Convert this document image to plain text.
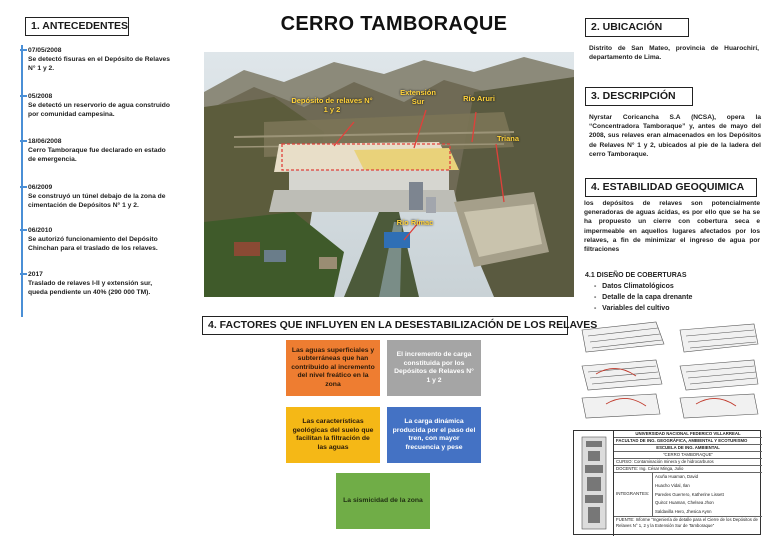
CERRO TAMBORAQUE
1. ANTECEDENTES
07/05/2008
Se detectó fisuras en el Depósito de Relaves N° 1 y 2.
05/2008
Se detectó un reservorio de agua construido por comunidad campesina.
18/06/2008
Cerro Tamboraque fue declarado en estado de emergencia.
06/2009
Se construyó un túnel debajo de la zona de cimentación de Depósitos N° 1 y 2.
06/2010
Se autorizó funcionamiento del Depósito Chinchan para el traslado de los relaves.
2017
Traslado de relaves I-II y extensión sur, queda pendiente un 40% (290 000 TM).
Depósito de relaves N° 1 y 2
Extensión Sur	Río Aruri
Triana
Río Rímac
2. UBICACIÓN
Distrito de San Mateo, provincia de Huarochirí, departamento de Lima.
3. DESCRIPCIÓN
Nyrstar Coricancha S.A (NCSA), opera la “Concentradora Tamboraque” y, antes de mayo del 2008, sus relaves eran almacenados en los Depósitos de Relaves N° 1 y 2, ubicados al pie de la ladera del cerro Tamboraque.
4. ESTABILIDAD GEOQUIMICA
los depósitos de relaves son potencialmente generadoras de aguas ácidas, es por ello que se ha se ha propuesto un cierre con cobertura seca e impermeable en aquellos lugares afectados por los relaves, a fin de minimizar el ingreso de agua por filtraciones
4.1 DISEÑO DE COBERTURAS
-   Datos Climatológicos
-   Detalle de la capa drenante
-   Variables del cultivo
4. FACTORES QUE INFLUYEN EN LA DESESTABILIZACIÓN DE LOS RELAVES
Las aguas superficiales y subterráneas que han contribuido al incremento del nivel freático en la zona
El incremento de carga constituida por los Depósitos de Relaves N° 1 y 2
Las características geológicas del suelo que facilitan la filtración de las aguas
La carga dinámica producida por el paso del tren, con mayor frecuencia y pese
La sismicidad de la zona
UNIVERSIDAD NACIONAL FEDERICO VILLARREAL
FACULTAD DE ING. GEOGRÁFICA, AMBIENTAL Y ECOTURISMO
ESCUELA DE ING. AMBIENTAL
“CERRO TAMBORAQUE”
CURSO: Contaminación minera y de hidrocarburos
DOCENTE: Ing. César Minga, Julio
INTEGRANTES:
Acuña Huaman, David
Huacho Vidal, Ilan
Paredes Guerrero, Katherine Lissett
Quiroz Huaman, Chelsea Jhon
Saldavilla Hero, Jhesica Aynn
FUENTE: Informe “Ingeniería de detalle para el Cierre de los Depósitos de Relaves N° 1, 2 y la Extensión Sur de Tamboraque”
